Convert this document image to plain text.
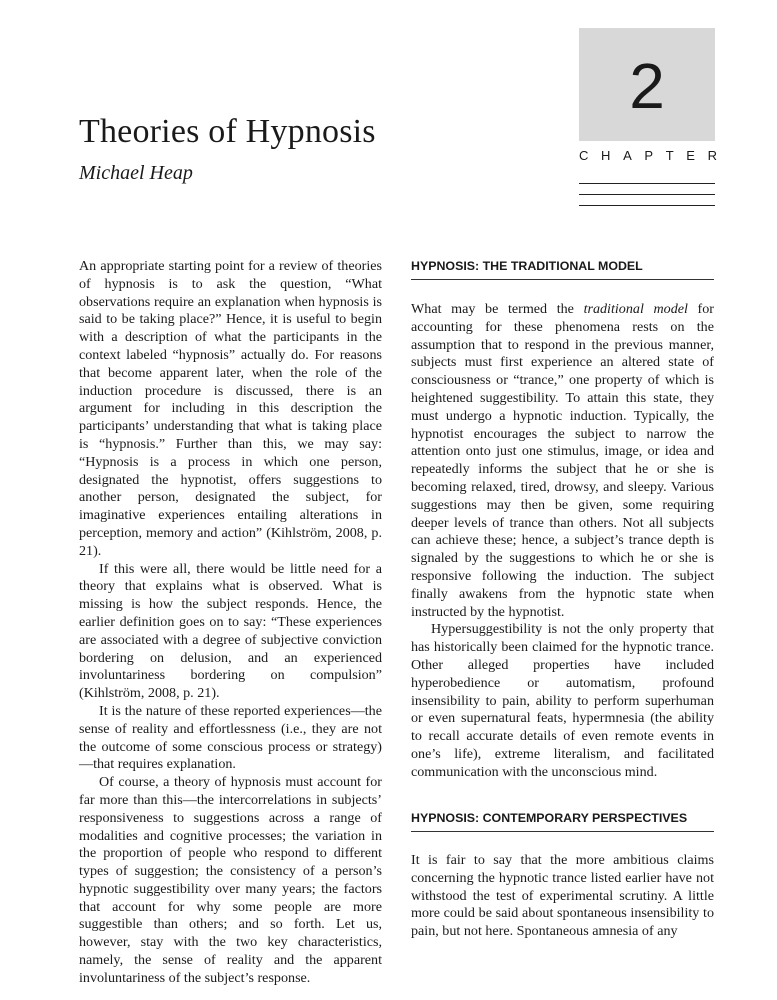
2
C H A P T E R
Theories of Hypnosis
Michael Heap

An appropriate starting point for a review of theories of hypnosis is to ask the question, “What observations require an explanation when hypnosis is said to be taking place?” Hence, it is useful to begin with a description of what the participants in the context labeled “hypnosis” actually do. For reasons that become apparent later, when the role of the induction procedure is discussed, there is an argument for including in this description the participants’ understanding that what is taking place is “hypnosis.” Further than this, we may say: “Hypnosis is a process in which one person, designated the hypnotist, offers suggestions to another person, designated the subject, for imaginative experiences entailing alterations in perception, memory and action” (Kihlström, 2008, p. 21).

If this were all, there would be little need for a theory that explains what is observed. What is missing is how the subject responds. Hence, the earlier definition goes on to say: “These experiences are associated with a degree of subjective conviction bordering on delusion, and an experienced involuntariness bordering on compulsion” (Kihlström, 2008, p. 21).

It is the nature of these reported experiences—the sense of reality and effortlessness (i.e., they are not the outcome of some conscious process or strategy)—that requires explanation.

Of course, a theory of hypnosis must account for far more than this—the intercorrelations in subjects’ responsiveness to suggestions across a range of modalities and cognitive processes; the variation in the proportion of people who respond to different types of suggestion; the consistency of a person’s hypnotic suggestibility over many years; the factors that account for why some people are more suggestible than others; and so forth. Let us, however, stay with the two key characteristics, namely, the sense of reality and the apparent involuntariness of the subject’s response.

HYPNOSIS: THE TRADITIONAL MODEL

What may be termed the traditional model for accounting for these phenomena rests on the assumption that to respond in the previous manner, subjects must first experience an altered state of consciousness or “trance,” one property of which is heightened suggestibility. To attain this state, they must undergo a hypnotic induction. Typically, the hypnotist encourages the subject to narrow the attention onto just one stimulus, image, or idea and repeatedly informs the subject that he or she is becoming relaxed, tired, drowsy, and sleepy. Various suggestions may then be given, some requiring deeper levels of trance than others. Not all subjects can achieve these; hence, a subject’s trance depth is signaled by the suggestions to which he or she is responsive following the induction. The subject finally awakens from the hypnotic state when instructed by the hypnotist.

Hypersuggestibility is not the only property that has historically been claimed for the hypnotic trance. Other alleged properties have included hyperobedience or automatism, profound insensibility to pain, ability to perform superhuman or even supernatural feats, hypermnesia (the ability to recall accurate details of even remote events in one’s life), extreme literalism, and facilitated communication with the unconscious mind.

HYPNOSIS: CONTEMPORARY PERSPECTIVES

It is fair to say that the more ambitious claims concerning the hypnotic trance listed earlier have not withstood the test of experimental scrutiny. A little more could be said about spontaneous insensibility to pain, but not here. Spontaneous amnesia of any
